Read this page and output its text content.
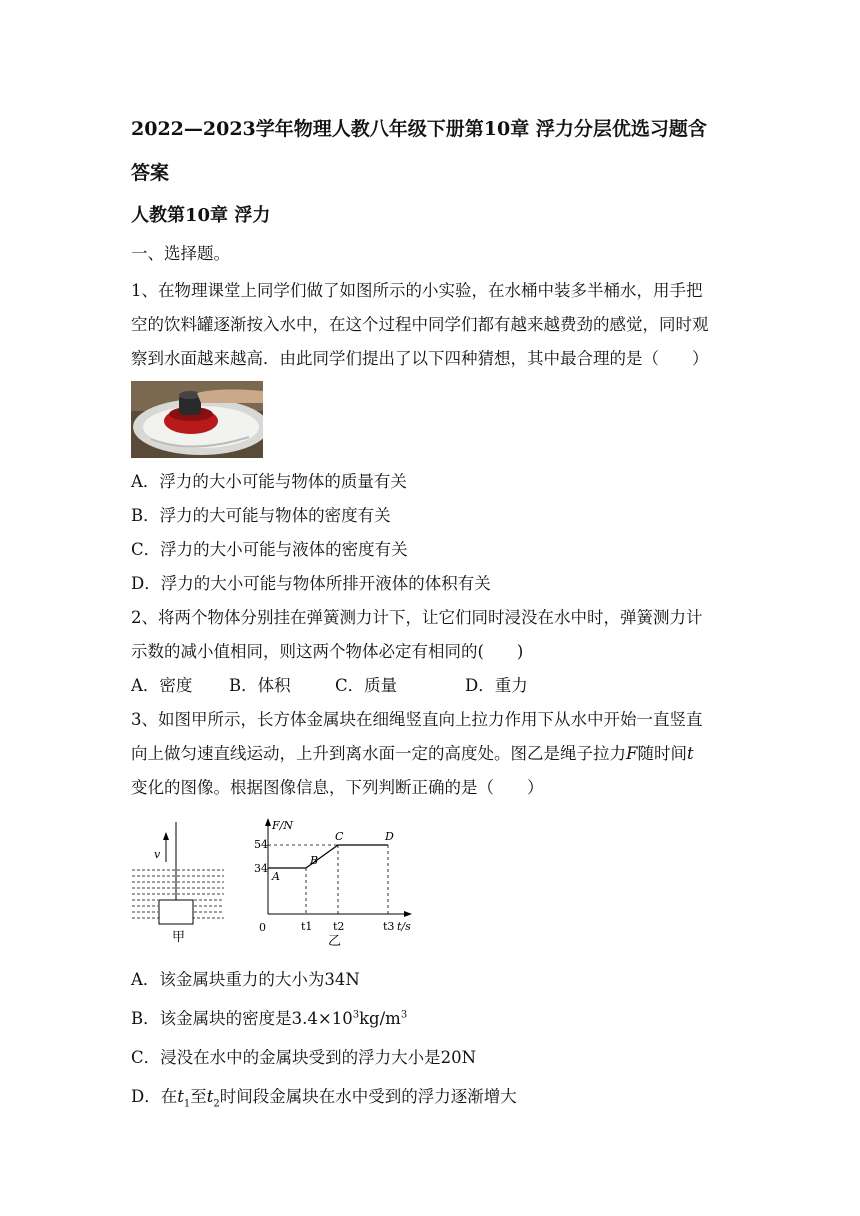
2022—2023学年物理人教八年级下册第10章 浮力分层优选习题含
答案
人教第10章 浮力
一、选择题。
1、在物理课堂上同学们做了如图所示的小实验，在水桶中装多半桶水，用手把
空的饮料罐逐渐按入水中，在这个过程中同学们都有越来越费劲的感觉，同时观
察到水面越来越高．由此同学们提出了以下四种猜想，其中最合理的是（　　）
A．浮力的大小可能与物体的质量有关
B．浮力的大可能与物体的密度有关
C．浮力的大小可能与液体的密度有关
D．浮力的大小可能与物体所排开液体的体积有关
2、将两个物体分别挂在弹簧测力计下，让它们同时浸没在水中时，弹簧测力计
示数的减小值相同，则这两个物体必定有相同的(　　)
A．密度 B．体积	C．质量	D．重力
3、如图甲所示，长方体金属块在细绳竖直向上拉力作用下从水中开始一直竖直
向上做匀速直线运动，上升到离水面一定的高度处。图乙是绳子拉力F随时间t
变化的图像。根据图像信息，下列判断正确的是（　　）
v
甲
F/N
t/s
0
54
34
A
B
C	D
t1 t2	t3
乙
A．该金属块重力的大小为34N
B．该金属块的密度是$3.4\times 10^3kg/m^3$
C．浸没在水中的金属块受到的浮力大小是20N
D．在$t_1$至$t_2$时间段金属块在水中受到的浮力逐渐增大
